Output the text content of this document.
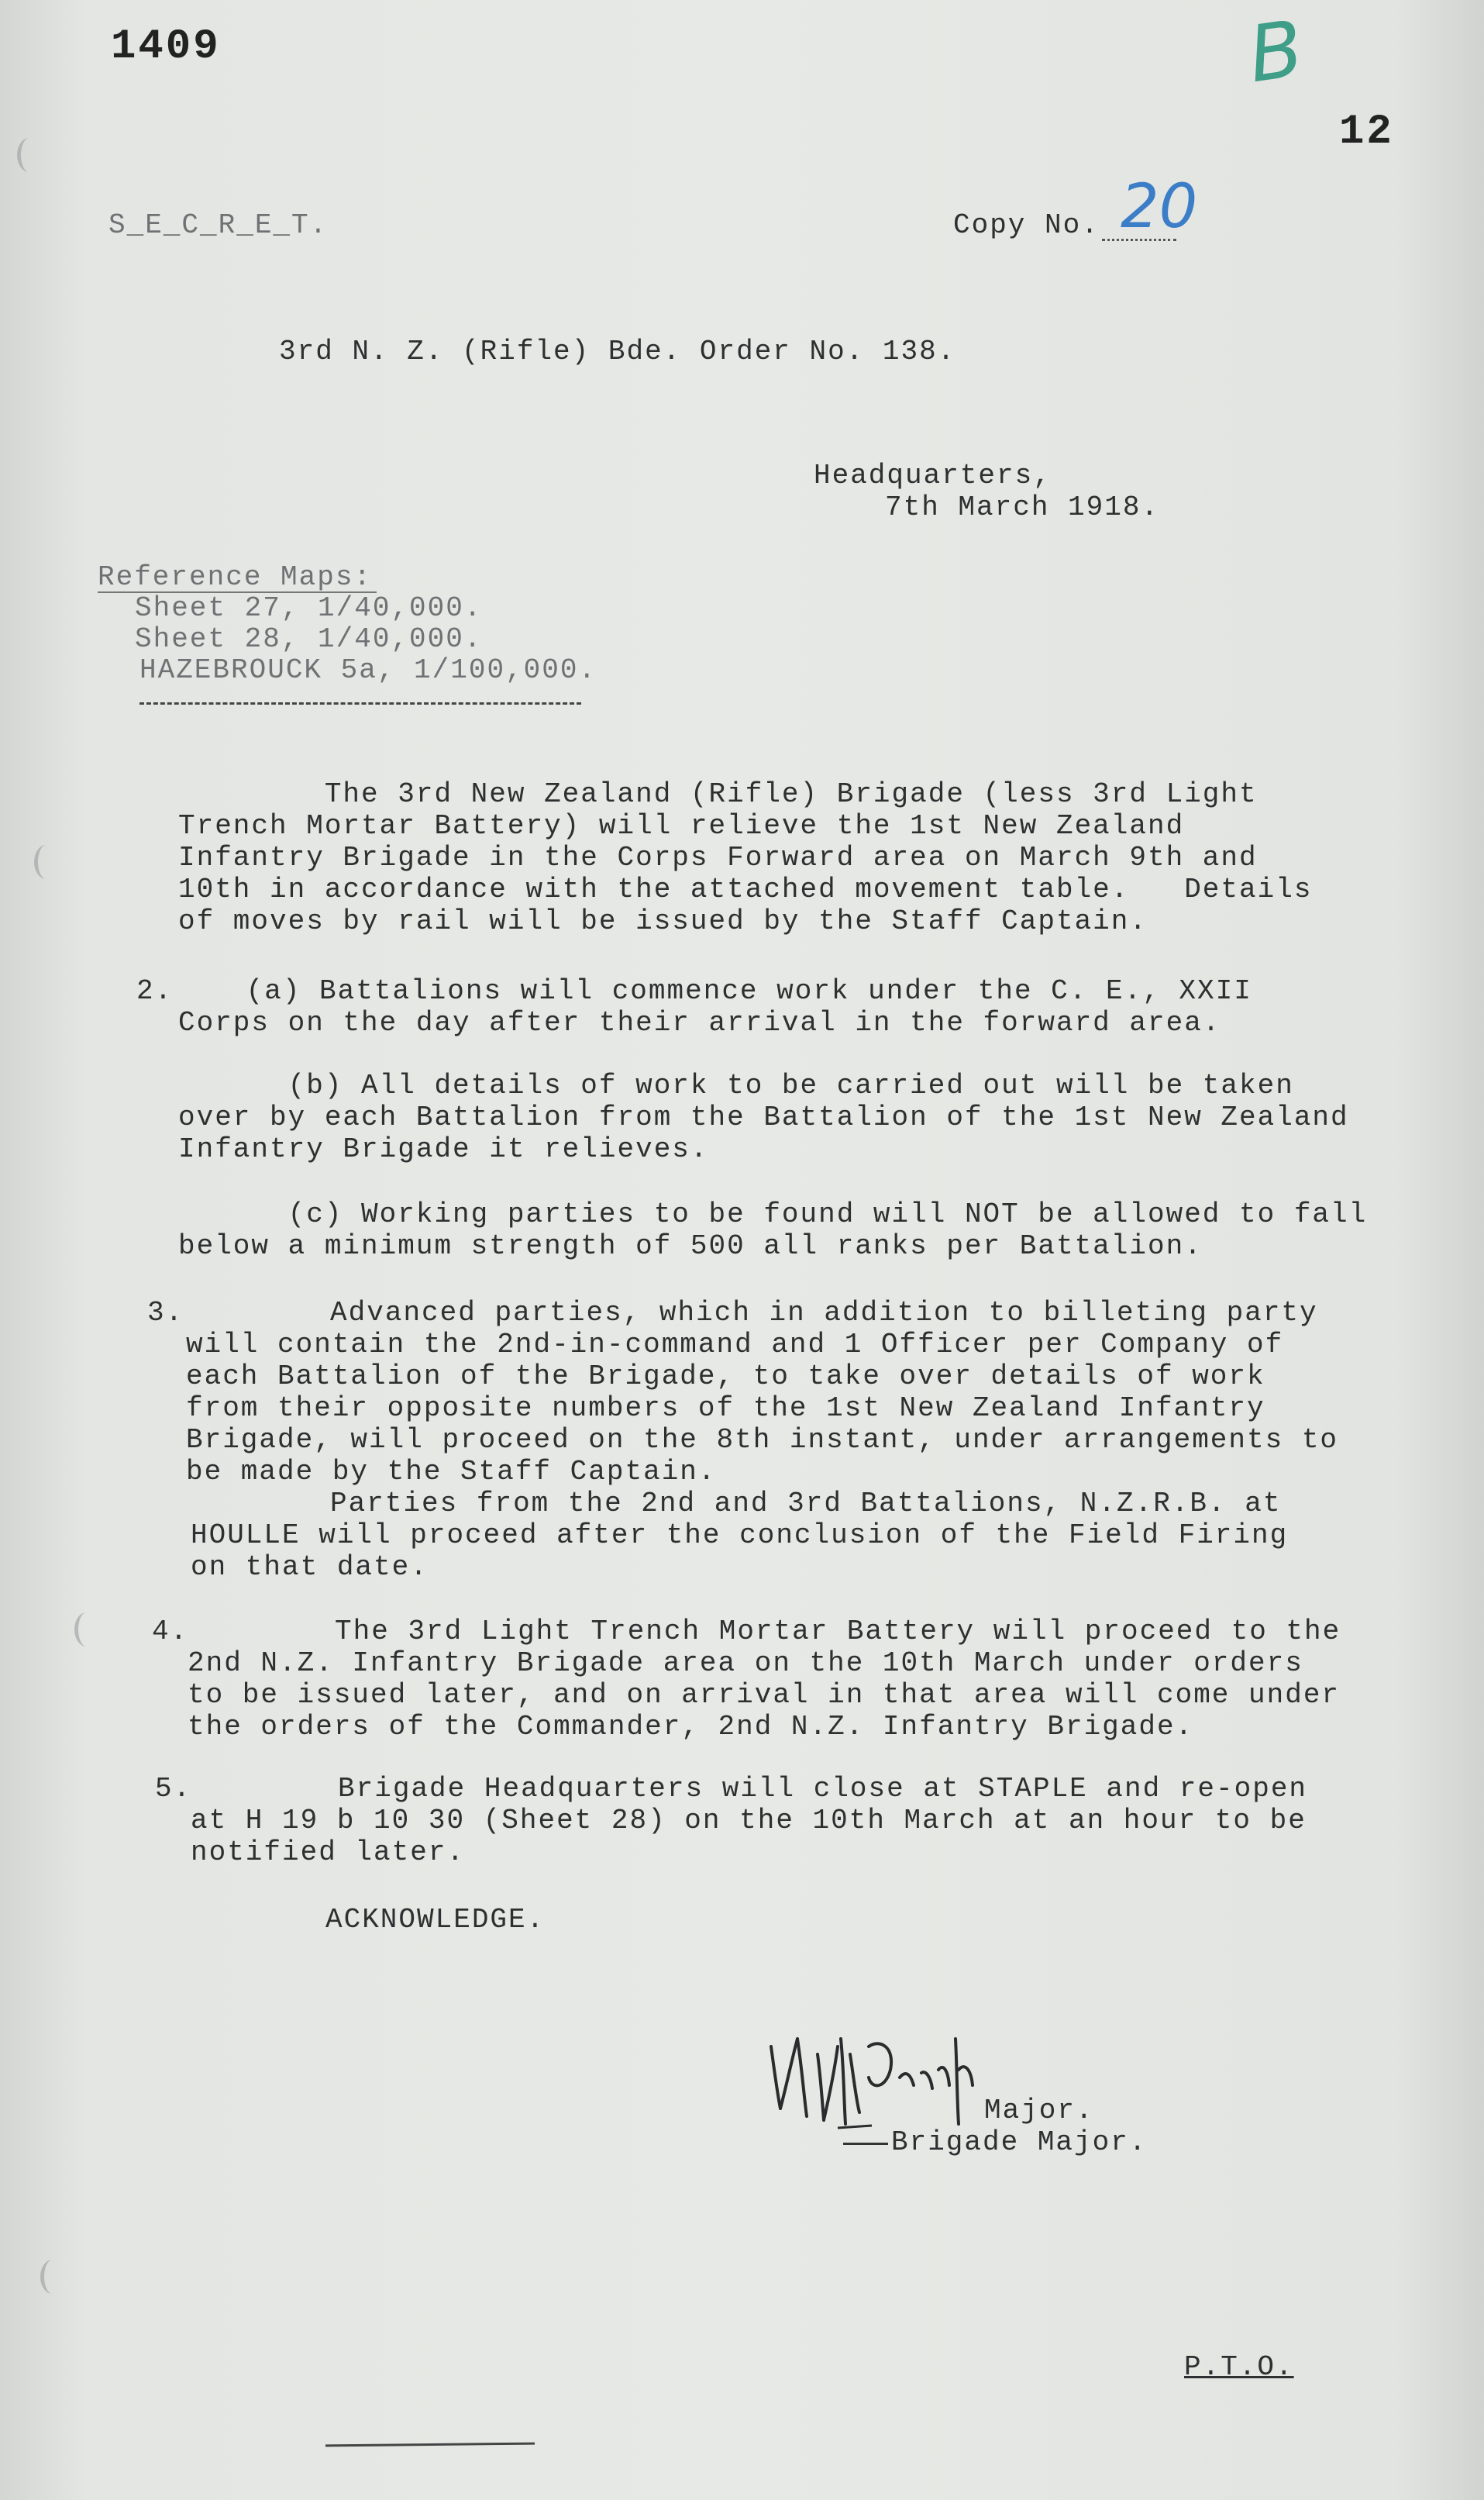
1409	B
12
S_E_C_R_E_T.	Copy No. 20
3rd N. Z. (Rifle) Bde. Order No. 138.
Headquarters,
7th March 1918.
Reference Maps:
Sheet 27, 1/40,000.
Sheet 28, 1/40,000.
HAZEBROUCK 5a, 1/100,000.
The 3rd New Zealand (Rifle) Brigade (less 3rd Light
Trench Mortar Battery) will relieve the 1st New Zealand
Infantry Brigade in the Corps Forward area on March 9th and
10th in accordance with the attached movement table.   Details
of moves by rail will be issued by the Staff Captain.
2.    (a) Battalions will commence work under the C. E., XXII
Corps on the day after their arrival in the forward area.
(b) All details of work to be carried out will be taken
over by each Battalion from the Battalion of the 1st New Zealand
Infantry Brigade it relieves.
(c) Working parties to be found will NOT be allowed to fall
below a minimum strength of 500 all ranks per Battalion.
3.        Advanced parties, which in addition to billeting party
will contain the 2nd-in-command and 1 Officer per Company of
each Battalion of the Brigade, to take over details of work
from their opposite numbers of the 1st New Zealand Infantry
Brigade, will proceed on the 8th instant, under arrangements to
be made by the Staff Captain.
Parties from the 2nd and 3rd Battalions, N.Z.R.B. at
HOULLE will proceed after the conclusion of the Field Firing
on that date.
4.        The 3rd Light Trench Mortar Battery will proceed to the
2nd N.Z. Infantry Brigade area on the 10th March under orders
to be issued later, and on arrival in that area will come under
the orders of the Commander, 2nd N.Z. Infantry Brigade.
5.        Brigade Headquarters will close at STAPLE and re-open
at H 19 b 10 30 (Sheet 28) on the 10th March at an hour to be
notified later.
ACKNOWLEDGE.
Major.
Brigade Major.
P.T.O.
